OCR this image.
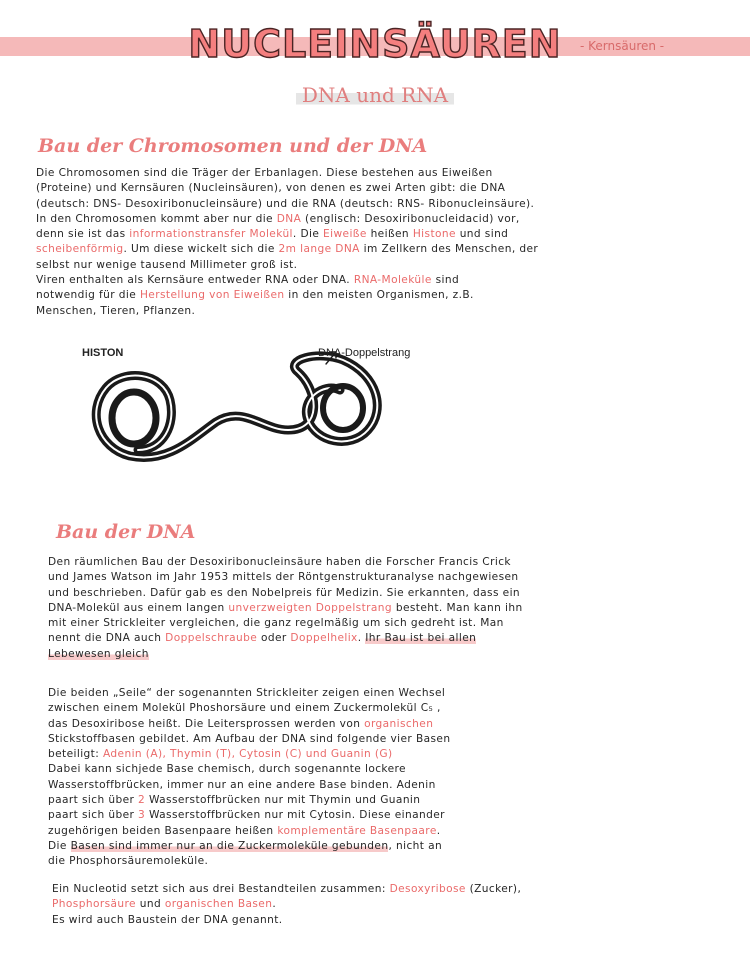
NUCLEINSÄUREN	- Kernsäuren -
DNA und RNA
Bau der Chromosomen und der DNA
Die Chromosomen sind die Träger der Erbanlagen. Diese bestehen aus Eiweißen
(Proteine) und Kernsäuren (Nucleinsäuren), von denen es zwei Arten gibt: die DNA
(deutsch: DNS- Desoxiribonucleinsäure) und die RNA (deutsch: RNS- Ribonucleinsäure).
In den Chromosomen kommt aber nur die DNA (englisch: Desoxiribonucleidacid) vor,
denn sie ist das informationstransfer Molekül. Die Eiweiße heißen Histone und sind
scheibenförmig. Um diese wickelt sich die 2m lange DNA im Zellkern des Menschen, der
selbst nur wenige tausend Millimeter groß ist.
Viren enthalten als Kernsäure entweder RNA oder DNA. RNA-Moleküle sind
notwendig für die Herstellung von Eiweißen in den meisten Organismen, z.B.
Menschen, Tieren, Pflanzen.
HISTON	DNA-Doppelstrang
Bau der DNA
Den räumlichen Bau der Desoxiribonucleinsäure haben die Forscher Francis Crick
und James Watson im Jahr 1953 mittels der Röntgenstrukturanalyse nachgewiesen
und beschrieben. Dafür gab es den Nobelpreis für Medizin. Sie erkannten, dass ein
DNA-Molekül aus einem langen unverzweigten Doppelstrang besteht. Man kann ihn
mit einer Strickleiter vergleichen, die ganz regelmäßig um sich gedreht ist. Man
nennt die DNA auch Doppelschraube oder Doppelhelix. Ihr Bau ist bei allen
Lebewesen gleich
Die beiden „Seile“ der sogenannten Strickleiter zeigen einen Wechsel
zwischen einem Molekül Phoshorsäure und einem Zuckermolekül C₅ ,
das Desoxiribose heißt. Die Leitersprossen werden von organischen
Stickstoffbasen gebildet. Am Aufbau der DNA sind folgende vier Basen
beteiligt: Adenin (A), Thymin (T), Cytosin (C) und Guanin (G)
Dabei kann sichjede Base chemisch, durch sogenannte lockere
Wasserstoffbrücken, immer nur an eine andere Base binden. Adenin
paart sich über 2 Wasserstoffbrücken nur mit Thymin und Guanin
paart sich über 3 Wasserstoffbrücken nur mit Cytosin. Diese einander
zugehörigen beiden Basenpaare heißen komplementäre Basenpaare.
Die Basen sind immer nur an die Zuckermoleküle gebunden, nicht an
die Phosphorsäuremoleküle.
Ein Nucleotid setzt sich aus drei Bestandteilen zusammen: Desoxyribose (Zucker),
Phosphorsäure und organischen Basen.
Es wird auch Baustein der DNA genannt.
